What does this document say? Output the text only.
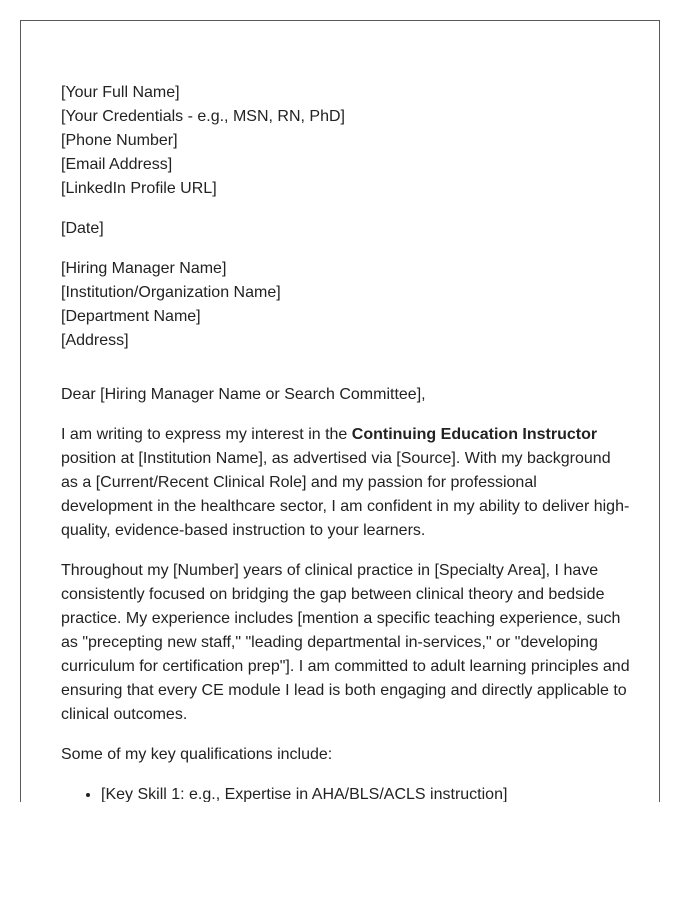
[Your Full Name]
[Your Credentials - e.g., MSN, RN, PhD]
[Phone Number]
[Email Address]
[LinkedIn Profile URL]
[Date]
[Hiring Manager Name]
[Institution/Organization Name]
[Department Name]
[Address]
Dear [Hiring Manager Name or Search Committee],

I am writing to express my interest in the Continuing Education Instructor position at [Institution Name], as advertised via [Source]. With my background as a [Current/Recent Clinical Role] and my passion for professional development in the healthcare sector, I am confident in my ability to deliver high-quality, evidence-based instruction to your learners.

Throughout my [Number] years of clinical practice in [Specialty Area], I have consistently focused on bridging the gap between clinical theory and bedside practice. My experience includes [mention a specific teaching experience, such as "precepting new staff," "leading departmental in-services," or "developing curriculum for certification prep"]. I am committed to adult learning principles and ensuring that every CE module I lead is both engaging and directly applicable to clinical outcomes.

Some of my key qualifications include:

• [Key Skill 1: e.g., Expertise in AHA/BLS/ACLS instruction]
